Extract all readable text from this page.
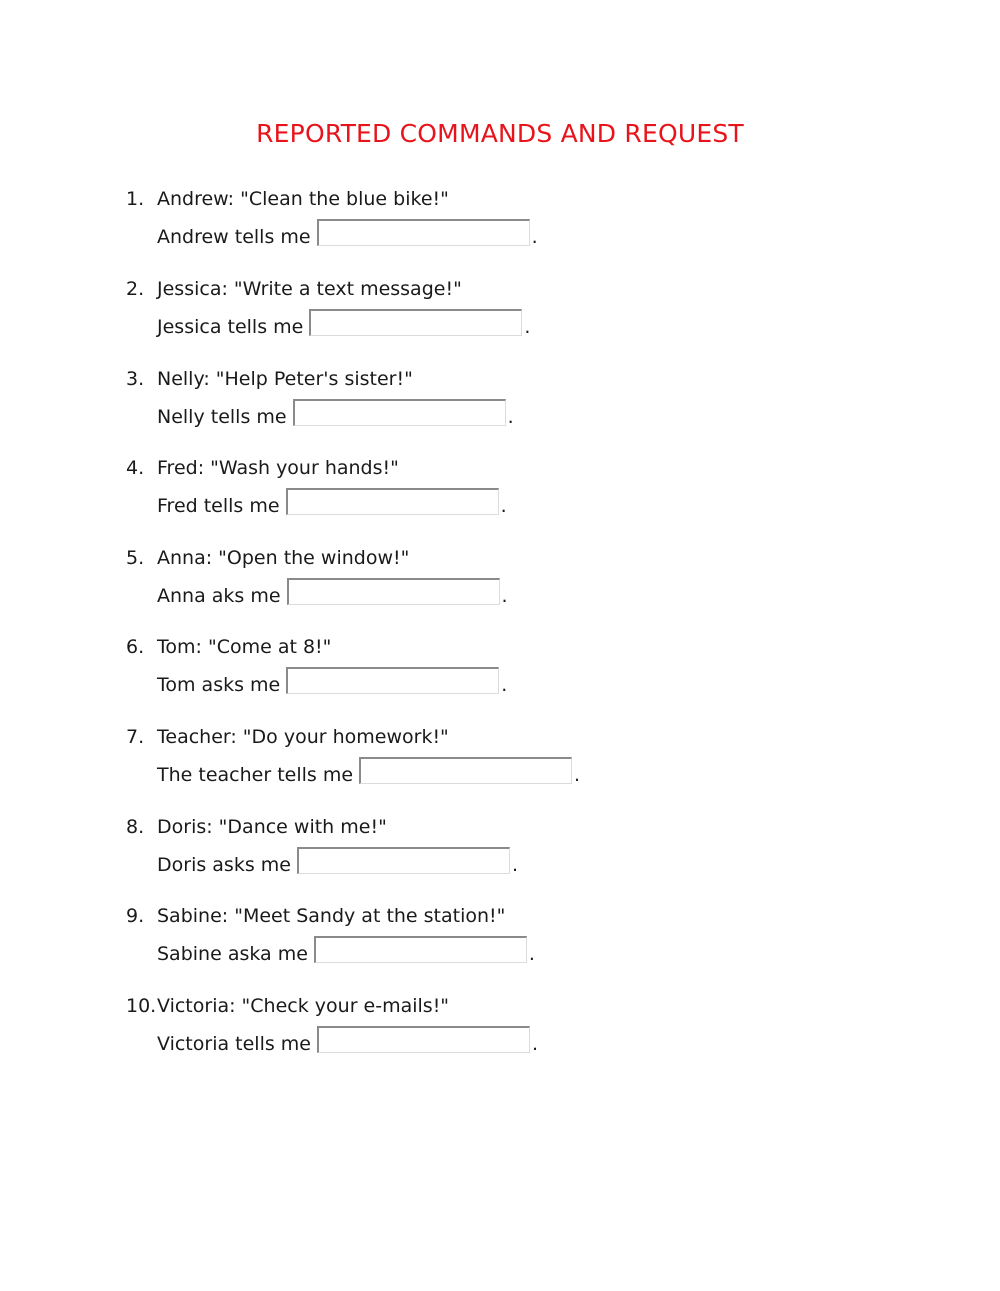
REPORTED COMMANDS AND REQUEST
1. Andrew: "Clean the blue bike!"
Andrew tells me	.
2. Jessica: "Write a text message!"
Jessica tells me	.
3. Nelly: "Help Peter's sister!"
Nelly tells me	.
4. Fred: "Wash your hands!"
Fred tells me	.
5. Anna: "Open the window!"
Anna aks me	.
6. Tom: "Come at 8!"
Tom asks me	.
7. Teacher: "Do your homework!"
The teacher tells me	.
8. Doris: "Dance with me!"
Doris asks me	.
9. Sabine: "Meet Sandy at the station!"
Sabine aska me	.
10. Victoria: "Check your e-mails!"
Victoria tells me	.
